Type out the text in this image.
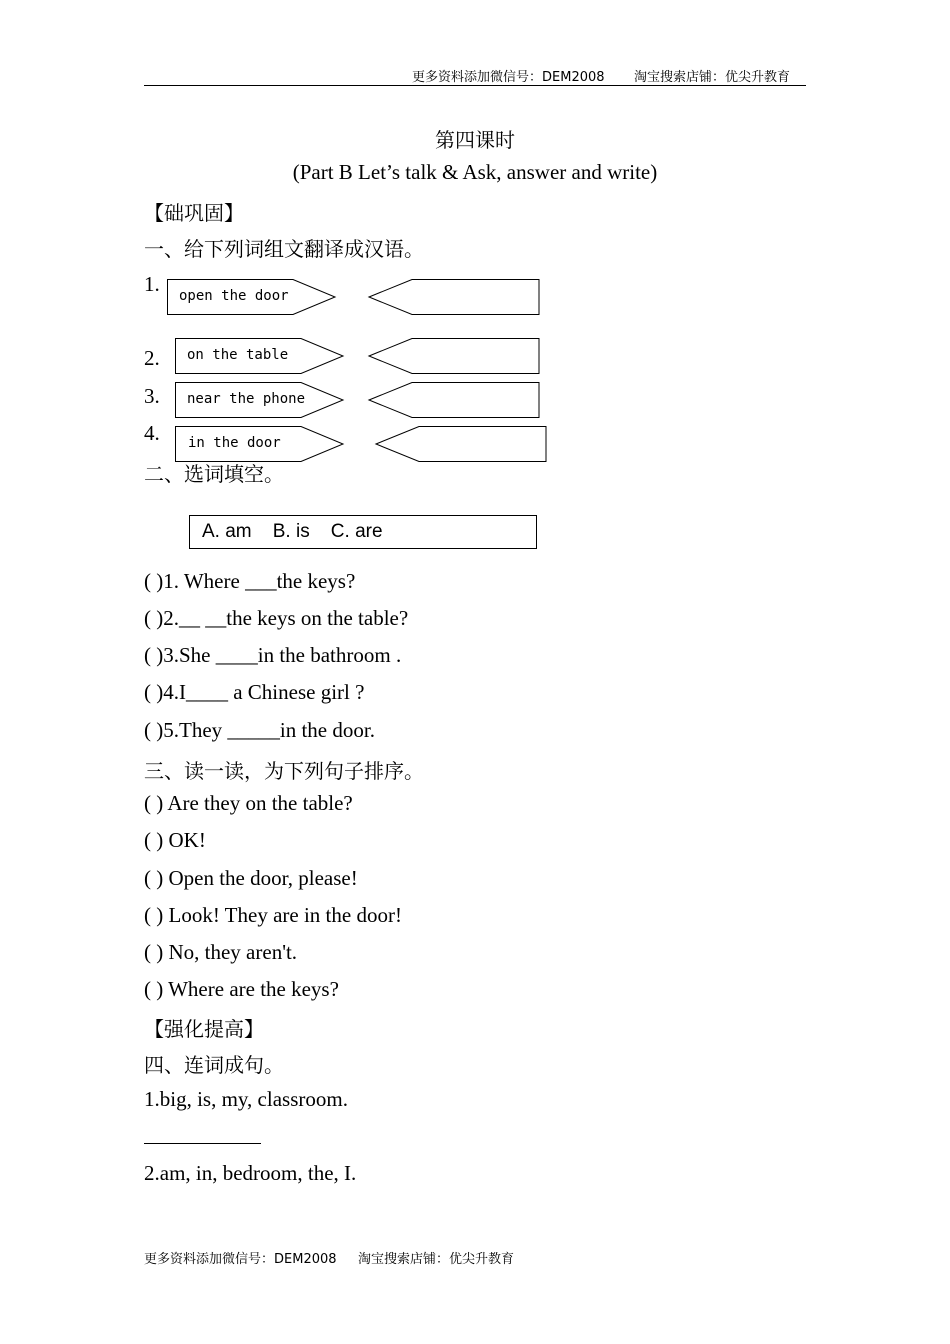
更多资料添加微信号：DEM2008 淘宝搜索店铺：优尖升教育
第四课时
(Part B Let’s talk & Ask, answer and write)
【础巩固】
一、给下列词组文翻译成汉语。
1. open the door
2. on the table
3. near the phone
4.
二、选词填空。
in the door
A. am    B. is    C. are
( )1. Where ___the keys?
( )2.__ __the keys on the table?
( )3.She ____in the bathroom .
( )4.I____ a Chinese girl ?
( )5.They _____in the door.
三、读一读，为下列句子排序。
( ) Are they on the table?
( ) OK!
( ) Open the door, please!
( ) Look! They are in the door!
( ) No, they aren't.
( ) Where are the keys?
【强化提高】
四、连词成句。
1.big, is, my, classroom.
2.am, in, bedroom, the, I.
更多资料添加微信号：DEM2008 淘宝搜索店铺：优尖升教育
